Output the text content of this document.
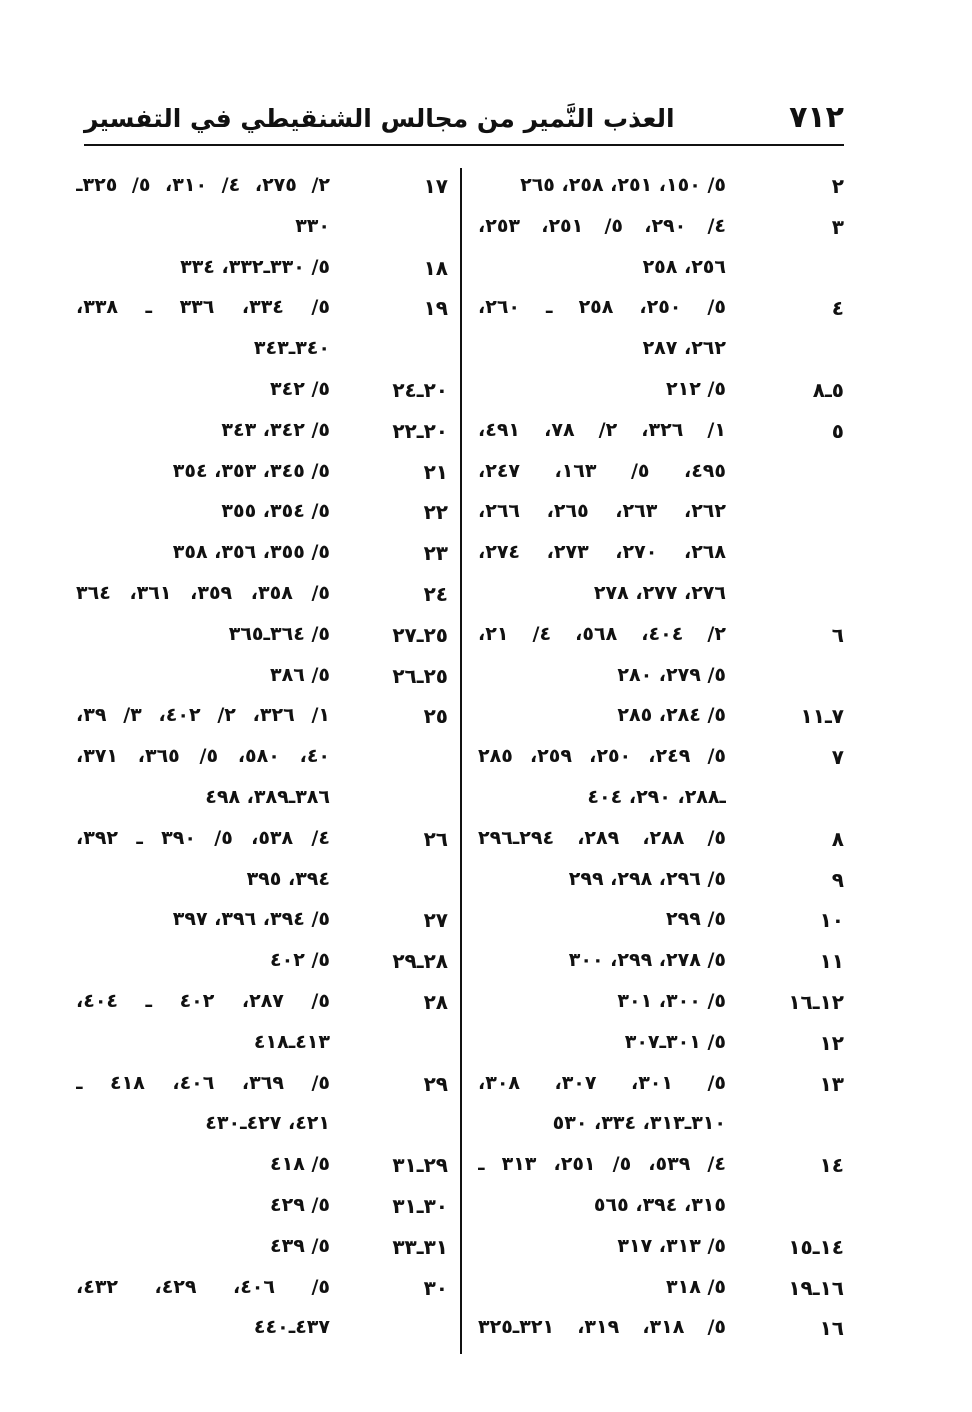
٧١٢
العذب النَّمير من مجالس الشنقيطي في التفسير
٢
٥/ ١٥٠، ٢٥١، ٢٥٨، ٢٦٥
٣
٤/ ٢٩٠، ٥/ ٢٥١، ٢٥٣،
٢٥٦، ٢٥٨
٤
٥/ ٢٥٠، ٢٥٨ ـ ٢٦٠،
٢٦٢، ٢٨٧
٥ـ٨
٥/ ٢١٢
٥
١/ ٣٢٦، ٢/ ٧٨، ٤٩١،
٤٩٥، ٥/ ١٦٣، ٢٤٧،
٢٦٢، ٢٦٣، ٢٦٥، ٢٦٦،
٢٦٨، ٢٧٠، ٢٧٣، ٢٧٤،
٢٧٦، ٢٧٧، ٢٧٨
٦
٢/ ٤٠٤، ٥٦٨، ٤/ ٢١،
٥/ ٢٧٩، ٢٨٠
٧ـ١١
٥/ ٢٨٤، ٢٨٥
٧
٥/ ٢٤٩، ٢٥٠، ٢٥٩، ٢٨٥
ـ٢٨٨، ٢٩٠، ٤٠٤
٨
٥/ ٢٨٨، ٢٨٩، ٢٩٤ـ٢٩٦
٩
٥/ ٢٩٦، ٢٩٨، ٢٩٩
١٠
٥/ ٢٩٩
١١
٥/ ٢٧٨، ٢٩٩، ٣٠٠
١٢ـ١٦
٥/ ٣٠٠، ٣٠١
١٢
٥/ ٣٠١ـ٣٠٧
١٣
٥/ ٣٠١، ٣٠٧، ٣٠٨،
٣١٠ـ٣١٣، ٣٣٤، ٥٣٠
١٤
٤/ ٥٣٩، ٥/ ٢٥١، ٣١٣ ـ
٣١٥، ٣٩٤، ٥٦٥
١٤ـ١٥
٥/ ٣١٣، ٣١٧
١٦ـ١٩
٥/ ٣١٨
١٦
٥/ ٣١٨، ٣١٩، ٣٢١ـ٣٢٥
١٧
٢/ ٢٧٥، ٤/ ٣١٠، ٥/ ٣٢٥ـ
٣٣٠
١٨
٥/ ٣٣٠ـ٣٣٢، ٣٣٤
١٩
٥/ ٣٣٤، ٣٣٦ ـ ٣٣٨،
٣٤٠ـ٣٤٣
٢٠ـ٢٤
٥/ ٣٤٢
٢٠ـ٢٢
٥/ ٣٤٢، ٣٤٣
٢١
٥/ ٣٤٥، ٣٥٣، ٣٥٤
٢٢
٥/ ٣٥٤، ٣٥٥
٢٣
٥/ ٣٥٥، ٣٥٦، ٣٥٨
٢٤
٥/ ٣٥٨، ٣٥٩، ٣٦١، ٣٦٤
٢٥ـ٢٧
٥/ ٣٦٤ـ٣٦٥
٢٥ـ٢٦
٥/ ٣٨٦
٢٥
١/ ٣٢٦، ٢/ ٤٠٢، ٣/ ٣٩،
٤٠، ٥٨٠، ٥/ ٣٦٥، ٣٧١،
٣٨٦ـ٣٨٩، ٤٩٨
٢٦
٤/ ٥٣٨، ٥/ ٣٩٠ ـ ٣٩٢،
٣٩٤، ٣٩٥
٢٧
٥/ ٣٩٤، ٣٩٦، ٣٩٧
٢٨ـ٢٩
٥/ ٤٠٢
٢٨
٥/ ٢٨٧، ٤٠٢ ـ ٤٠٤،
٤١٣ـ٤١٨
٢٩
٥/ ٣٦٩، ٤٠٦، ٤١٨ ـ
٤٢١، ٤٢٧ـ٤٣٠
٢٩ـ٣١
٥/ ٤١٨
٣٠ـ٣١
٥/ ٤٢٩
٣١ـ٣٣
٥/ ٤٣٩
٣٠
٥/ ٤٠٦، ٤٢٩، ٤٣٢،
٤٣٧ـ٤٤٠
